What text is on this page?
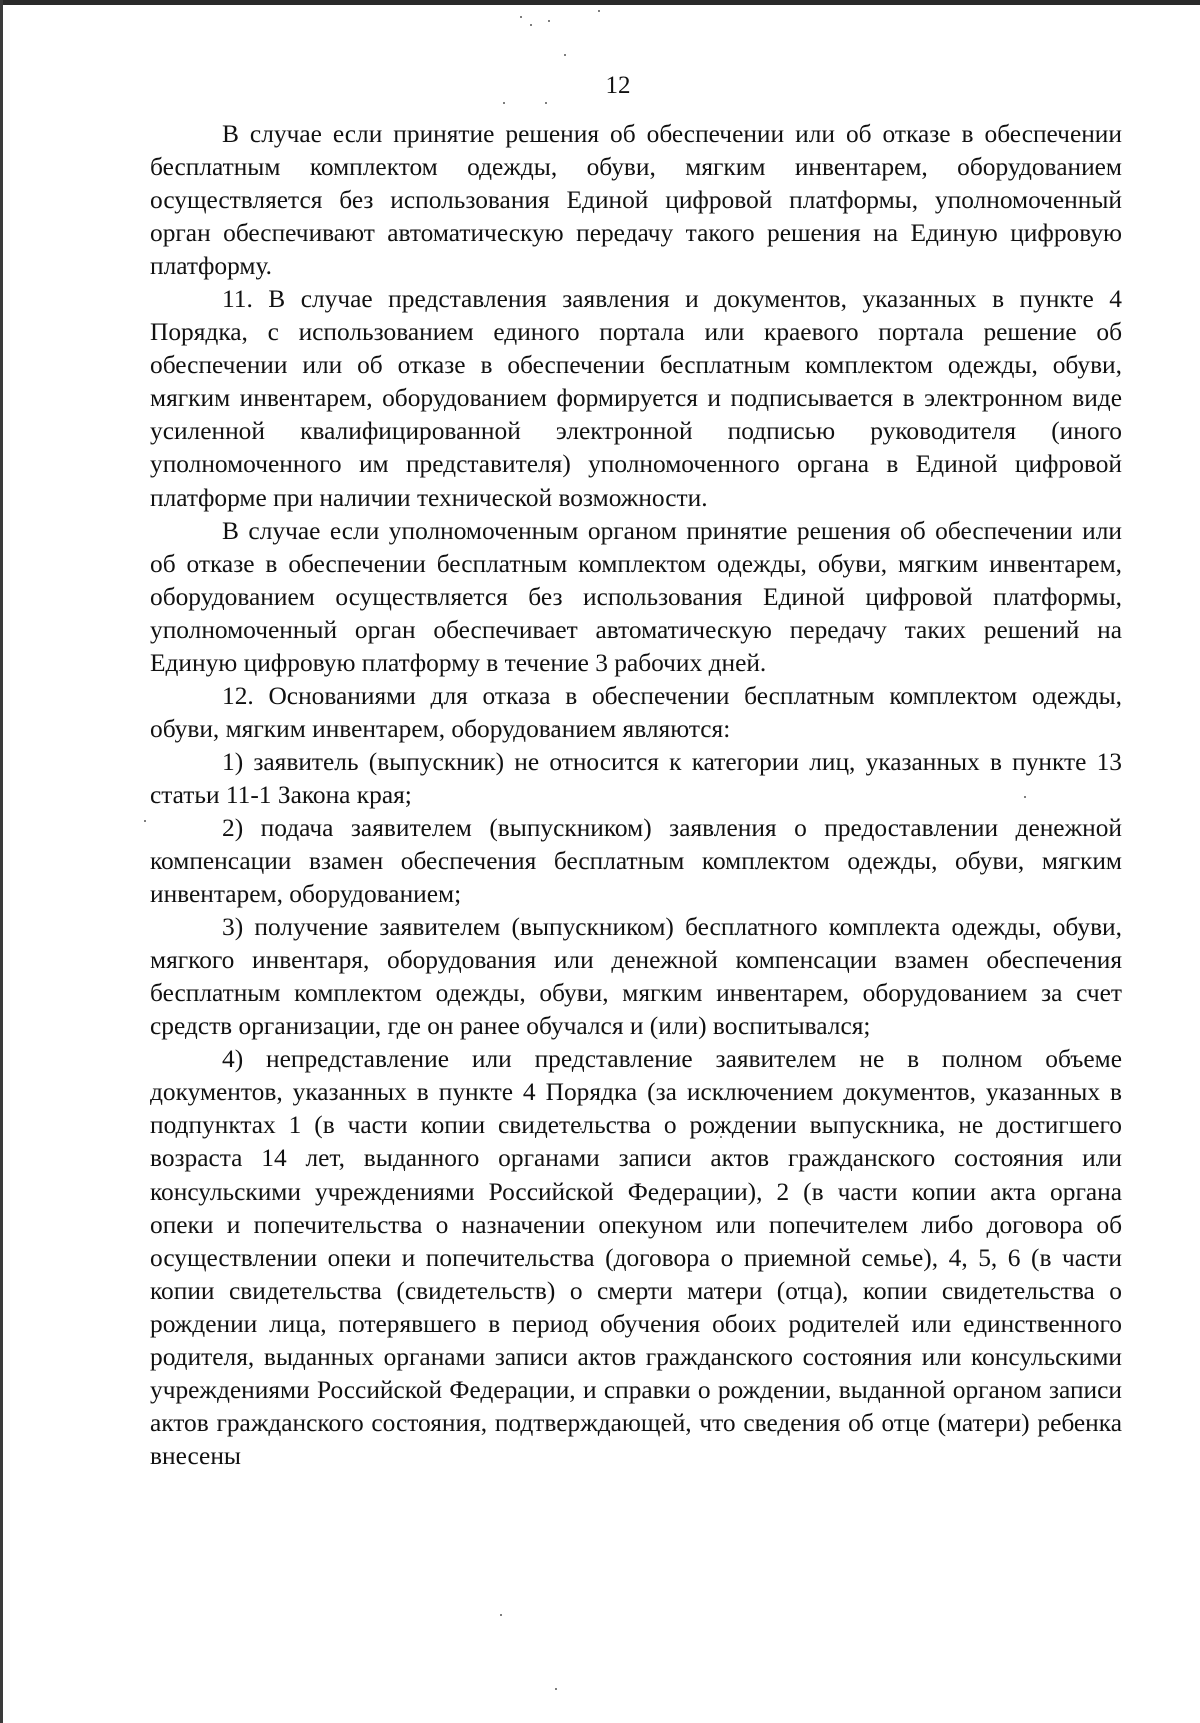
12

В случае если принятие решения об обеспечении или об отказе в обеспечении бесплатным комплектом одежды, обуви, мягким инвентарем, оборудованием осуществляется без использования Единой цифровой платформы, уполномоченный орган обеспечивают автоматическую передачу такого решения на Единую цифровую платформу.

11. В случае представления заявления и документов, указанных в пункте 4 Порядка, с использованием единого портала или краевого портала решение об обеспечении или об отказе в обеспечении бесплатным комплектом одежды, обуви, мягким инвентарем, оборудованием формируется и подписывается в электронном виде усиленной квалифицированной электронной подписью руководителя (иного уполномоченного им представителя) уполномоченного органа в Единой цифровой платформе при наличии технической возможности.

В случае если уполномоченным органом принятие решения об обеспечении или об отказе в обеспечении бесплатным комплектом одежды, обуви, мягким инвентарем, оборудованием осуществляется без использования Единой цифровой платформы, уполномоченный орган обеспечивает автоматическую передачу таких решений на Единую цифровую платформу в течение 3 рабочих дней.

12. Основаниями для отказа в обеспечении бесплатным комплектом одежды, обуви, мягким инвентарем, оборудованием являются:

1) заявитель (выпускник) не относится к категории лиц, указанных в пункте 13 статьи 11-1 Закона края;

2) подача заявителем (выпускником) заявления о предоставлении денежной компенсации взамен обеспечения бесплатным комплектом одежды, обуви, мягким инвентарем, оборудованием;

3) получение заявителем (выпускником) бесплатного комплекта одежды, обуви, мягкого инвентаря, оборудования или денежной компенсации взамен обеспечения бесплатным комплектом одежды, обуви, мягким инвентарем, оборудованием за счет средств организации, где он ранее обучался и (или) воспитывался;

4) непредставление или представление заявителем не в полном объеме документов, указанных в пункте 4 Порядка (за исключением документов, указанных в подпунктах 1 (в части копии свидетельства о рождении выпускника, не достигшего возраста 14 лет, выданного органами записи актов гражданского состояния или консульскими учреждениями Российской Федерации), 2 (в части копии акта органа опеки и попечительства о назначении опекуном или попечителем либо договора об осуществлении опеки и попечительства (договора о приемной семье), 4, 5, 6 (в части копии свидетельства (свидетельств) о смерти матери (отца), копии свидетельства о рождении лица, потерявшего в период обучения обоих родителей или единственного родителя, выданных органами записи актов гражданского состояния или консульскими учреждениями Российской Федерации, и справки о рождении, выданной органом записи актов гражданского состояния, подтверждающей, что сведения об отце (матери) ребенка внесены
